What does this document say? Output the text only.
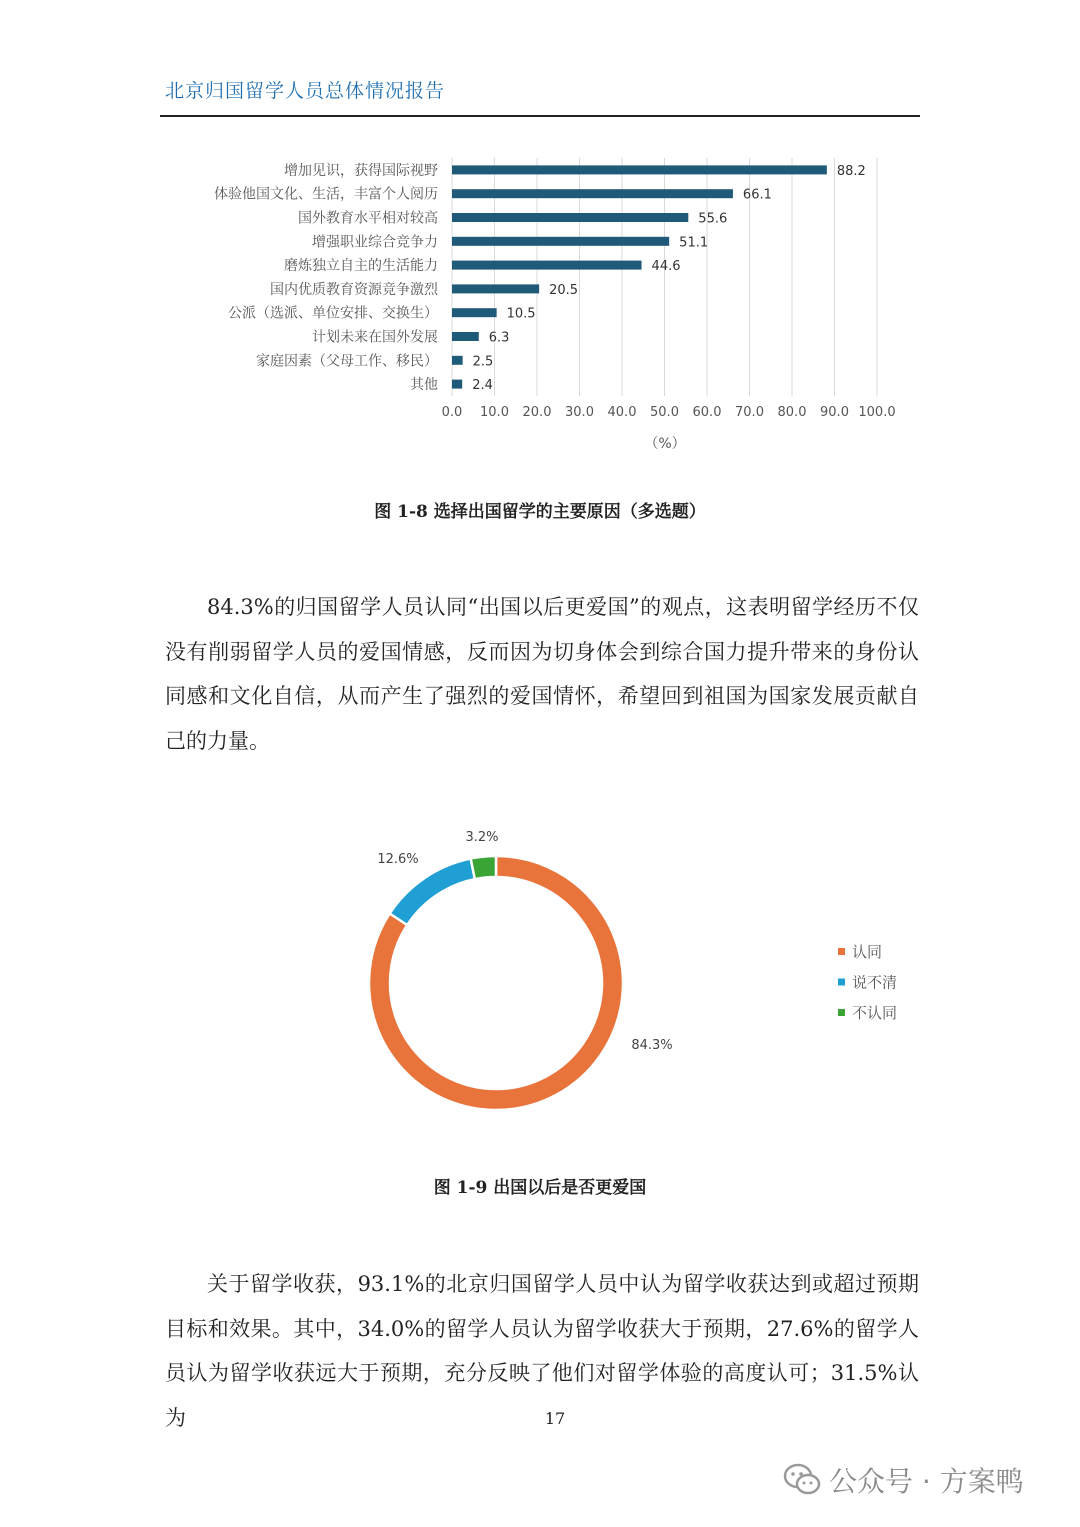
北京归国留学人员总体情况报告
增加见识，获得国际视野
体验他国文化、生活，丰富个人阅历
国外教育水平相对较高
增强职业综合竞争力
磨炼独立自主的生活能力
国内优质教育资源竞争激烈
公派（选派、单位安排、交换生）
计划未来在国外发展
家庭因素（父母工作、移民）
其他
88.2
66.1
55.6
51.1
44.6
20.5
10.5
6.3
2.5
2.4
0.0 10.0 20.0 30.0 40.0 50.0 60.0 70.0 80.0 90.0 100.0
（%）
图 1-8 选择出国留学的主要原因（多选题）
84.3%的归国留学人员认同“出国以后更爱国”的观点，这表明留学经历不仅没有削弱留学人员的爱国情感，反而因为切身体会到综合国力提升带来的身份认同感和文化自信，从而产生了强烈的爱国情怀，希望回到祖国为国家发展贡献自己的力量。
84.3%
12.6%
3.2%
认同
说不清
不认同
图 1-9 出国以后是否更爱国
关于留学收获，93.1%的北京归国留学人员中认为留学收获达到或超过预期目标和效果。其中，34.0%的留学人员认为留学收获大于预期，27.6%的留学人员认为留学收获远大于预期，充分反映了他们对留学体验的高度认可；31.5%认为	17
公众号 · 方案鸭
